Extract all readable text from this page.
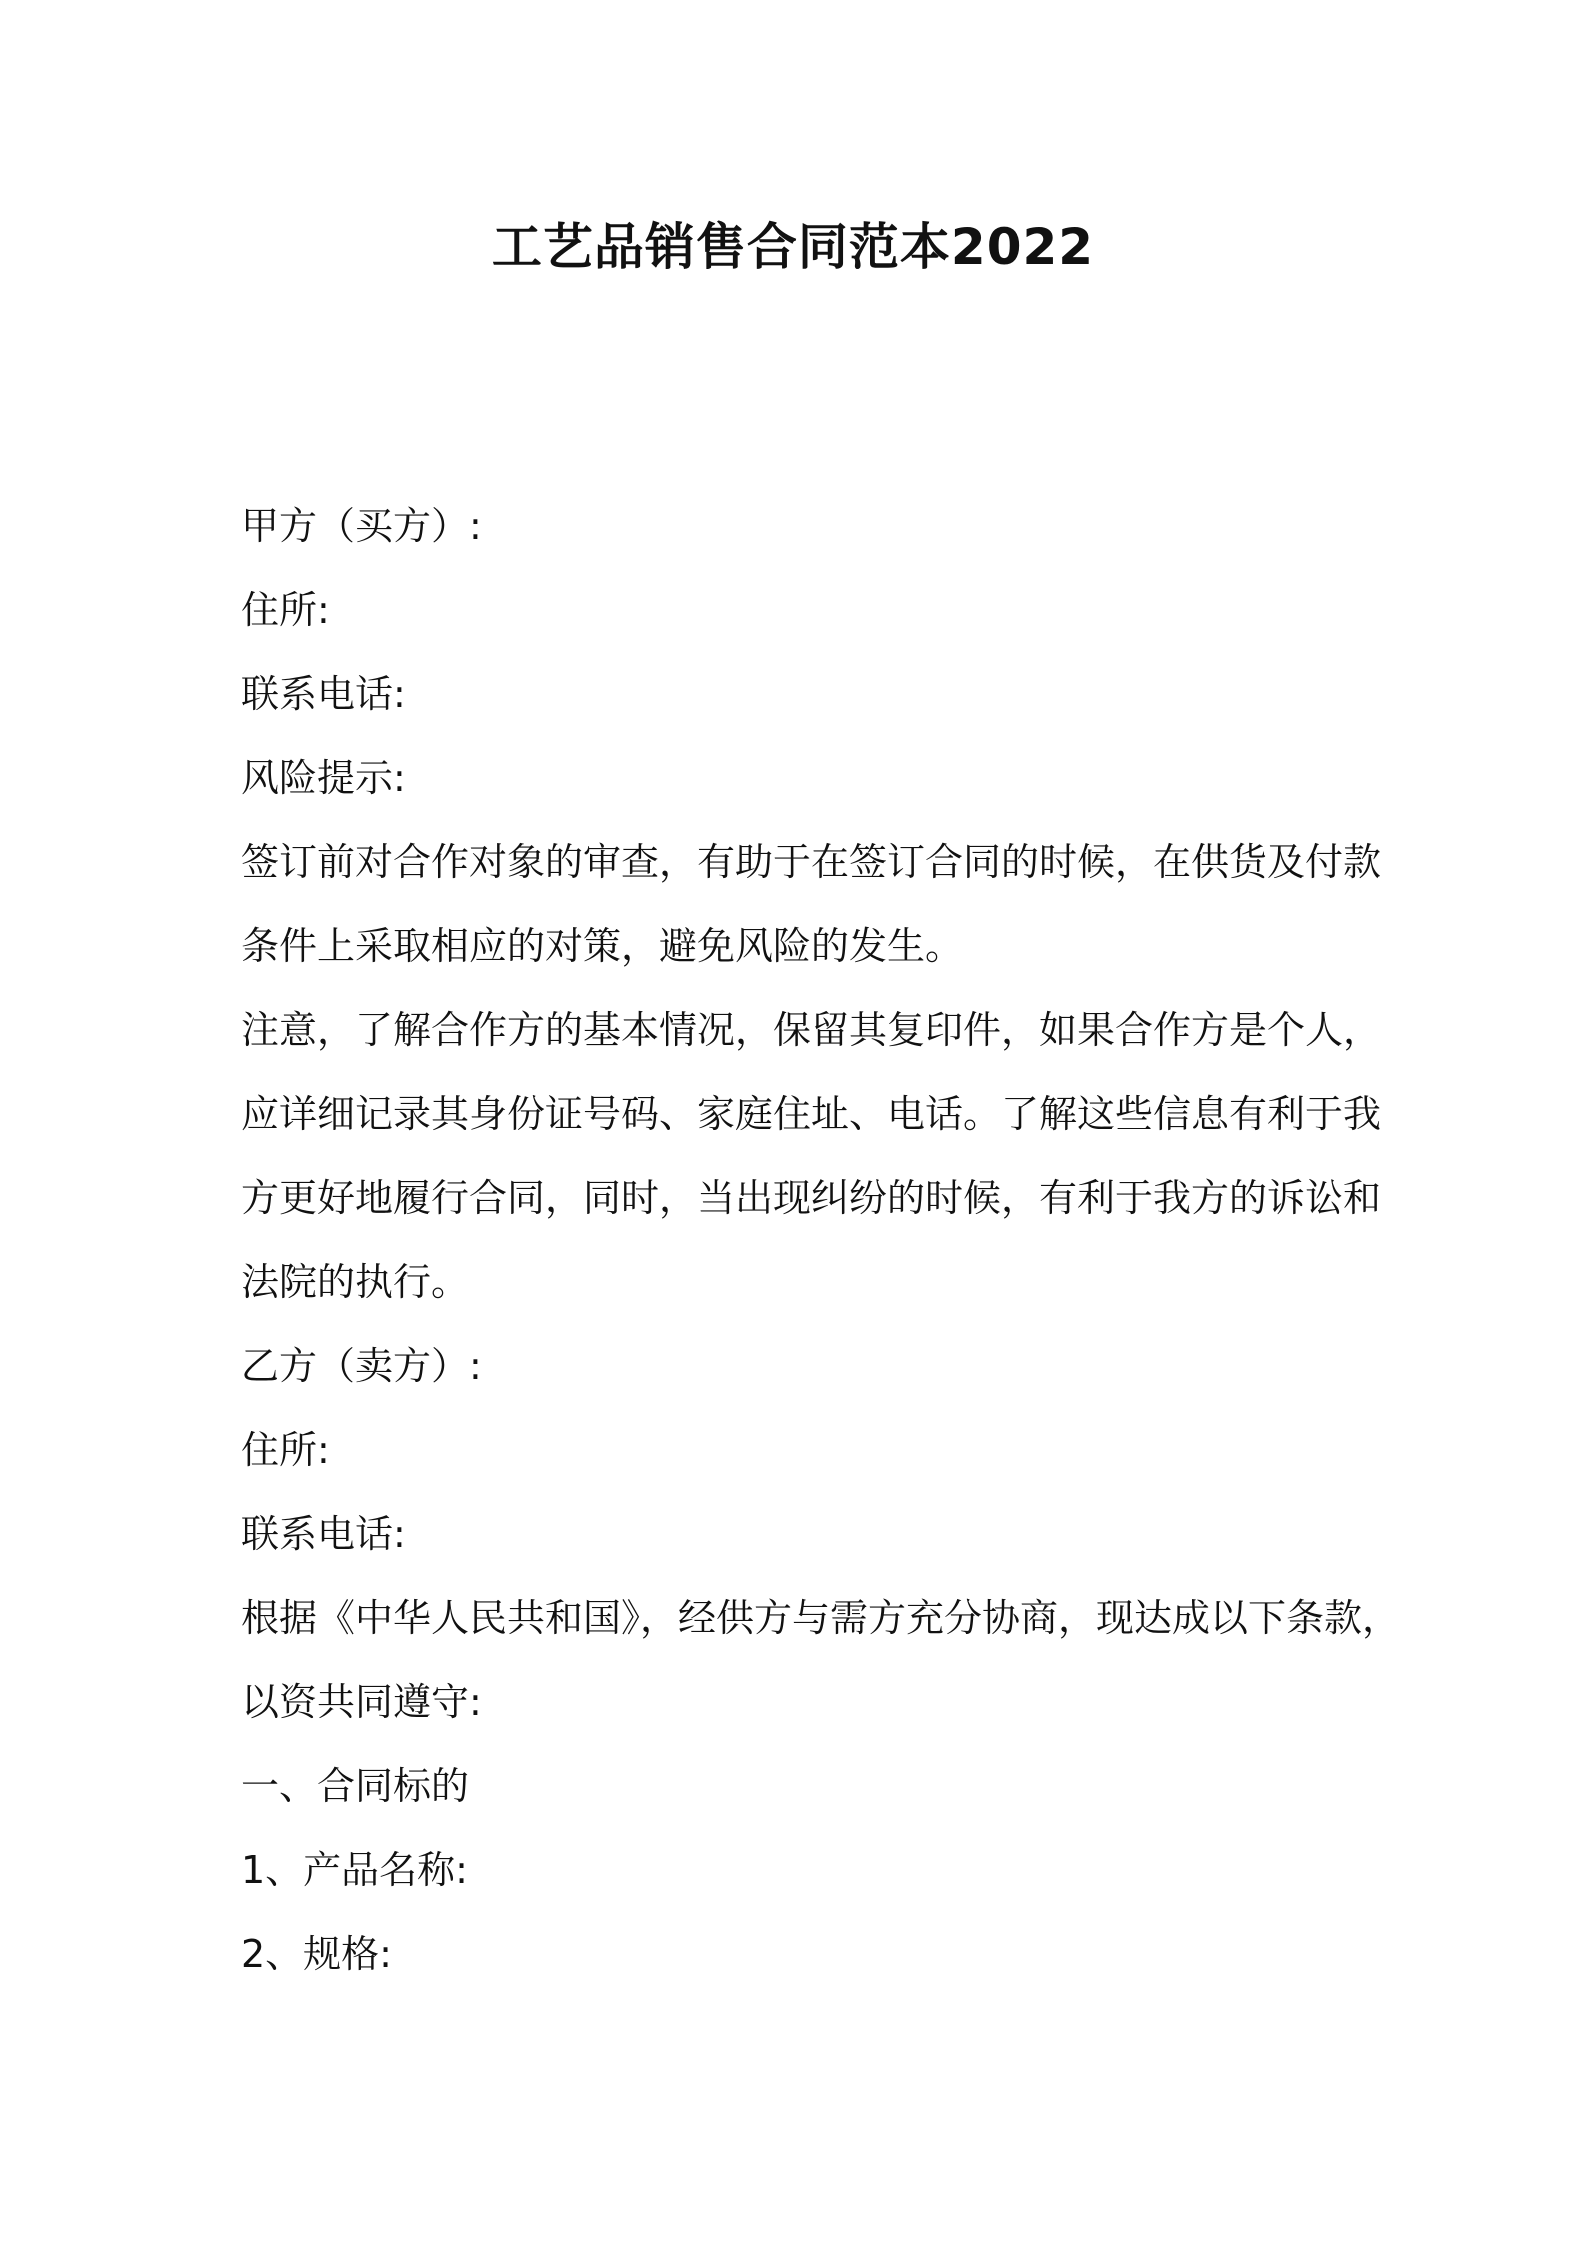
工艺品销售合同范本2022

甲方（买方）:

住所:

联系电话:

风险提示:

签订前对合作对象的审查，有助于在签订合同的时候，在供货及付款

条件上采取相应的对策，避免风险的发生。

注意，了解合作方的基本情况，保留其复印件，如果合作方是个人，

应详细记录其身份证号码、家庭住址、电话。了解这些信息有利于我

方更好地履行合同，同时，当出现纠纷的时候，有利于我方的诉讼和

法院的执行。

乙方（卖方）:

住所:

联系电话:

根据《中华人民共和国》，经供方与需方充分协商，现达成以下条款，

以资共同遵守:

一、合同标的

1、产品名称:

2、规格:
